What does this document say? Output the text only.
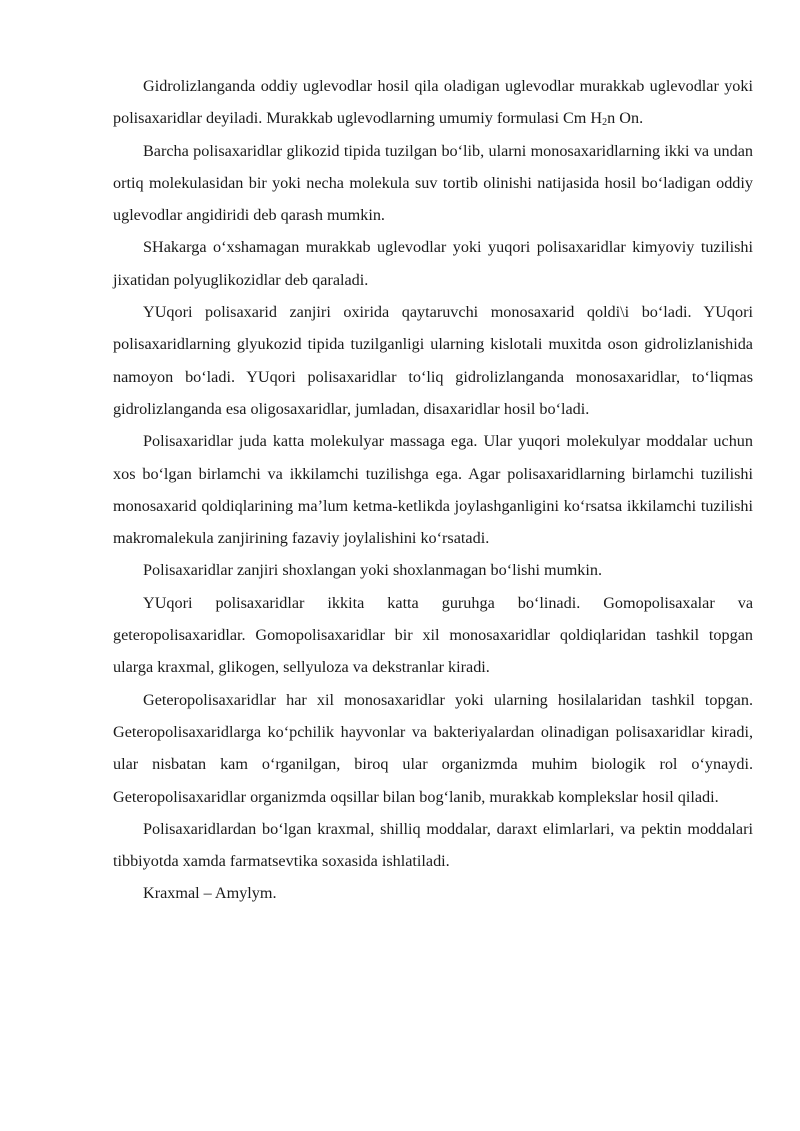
Gidrolizlanganda oddiy uglevodlar hosil qila oladigan uglevodlar murakkab uglevodlar yoki polisaxaridlar deyiladi. Murakkab uglevodlarning umumiy formulasi Cm $H_2n$ On.

Barcha polisaxaridlar glikozid tipida tuzilgan bo‘lib, ularni monosaxaridlarning ikki va undan ortiq molekulasidan bir yoki necha molekula suv tortib olinishi natijasida hosil bo‘ladigan oddiy uglevodlar angidiridi deb qarash mumkin.

SHakarga o‘xshamagan murakkab uglevodlar yoki yuqori polisaxaridlar kimyoviy tuzilishi jixatidan polyuglikozidlar deb qaraladi.

YUqori polisaxarid zanjiri oxirida qaytaruvchi monosaxarid qoldi\i bo‘ladi. YUqori polisaxaridlarning glyukozid tipida tuzilganligi ularning kislotali muxitda oson gidrolizlanishida namoyon bo‘ladi. YUqori polisaxaridlar to‘liq gidrolizlanganda monosaxaridlar, to‘liqmas gidrolizlanganda esa oligosaxaridlar, jumladan, disaxaridlar hosil bo‘ladi.

Polisaxaridlar juda katta molekulyar massaga ega. Ular yuqori molekulyar moddalar uchun xos bo‘lgan birlamchi va ikkilamchi tuzilishga ega. Agar polisaxaridlarning birlamchi tuzilishi monosaxarid qoldiqlarining ma’lum ketma-ketlikda joylashganligini ko‘rsatsa ikkilamchi tuzilishi makromalekula zanjirining fazaviy joylalishini ko‘rsatadi.

Polisaxaridlar zanjiri shoxlangan yoki shoxlanmagan bo‘lishi mumkin.

YUqori polisaxaridlar ikkita katta guruhga bo‘linadi. Gomopolisaxalar va geteropolisaxaridlar. Gomopolisaxaridlar bir xil monosaxaridlar qoldiqlaridan tashkil topgan ularga kraxmal, glikogen, sellyuloza va dekstranlar kiradi.

Geteropolisaxaridlar har xil monosaxaridlar yoki ularning hosilalaridan tashkil topgan. Geteropolisaxaridlarga ko‘pchilik hayvonlar va bakteriyalardan olinadigan polisaxaridlar kiradi, ular nisbatan kam o‘rganilgan, biroq ular organizmda muhim biologik rol o‘ynaydi. Geteropolisaxaridlar organizmda oqsillar bilan bog‘lanib, murakkab komplekslar hosil qiladi.

Polisaxaridlardan bo‘lgan kraxmal, shilliq moddalar, daraxt elimlarlari, va pektin moddalari tibbiyotda xamda farmatsevtika soxasida ishlatiladi.

Kraxmal – Amylym.
